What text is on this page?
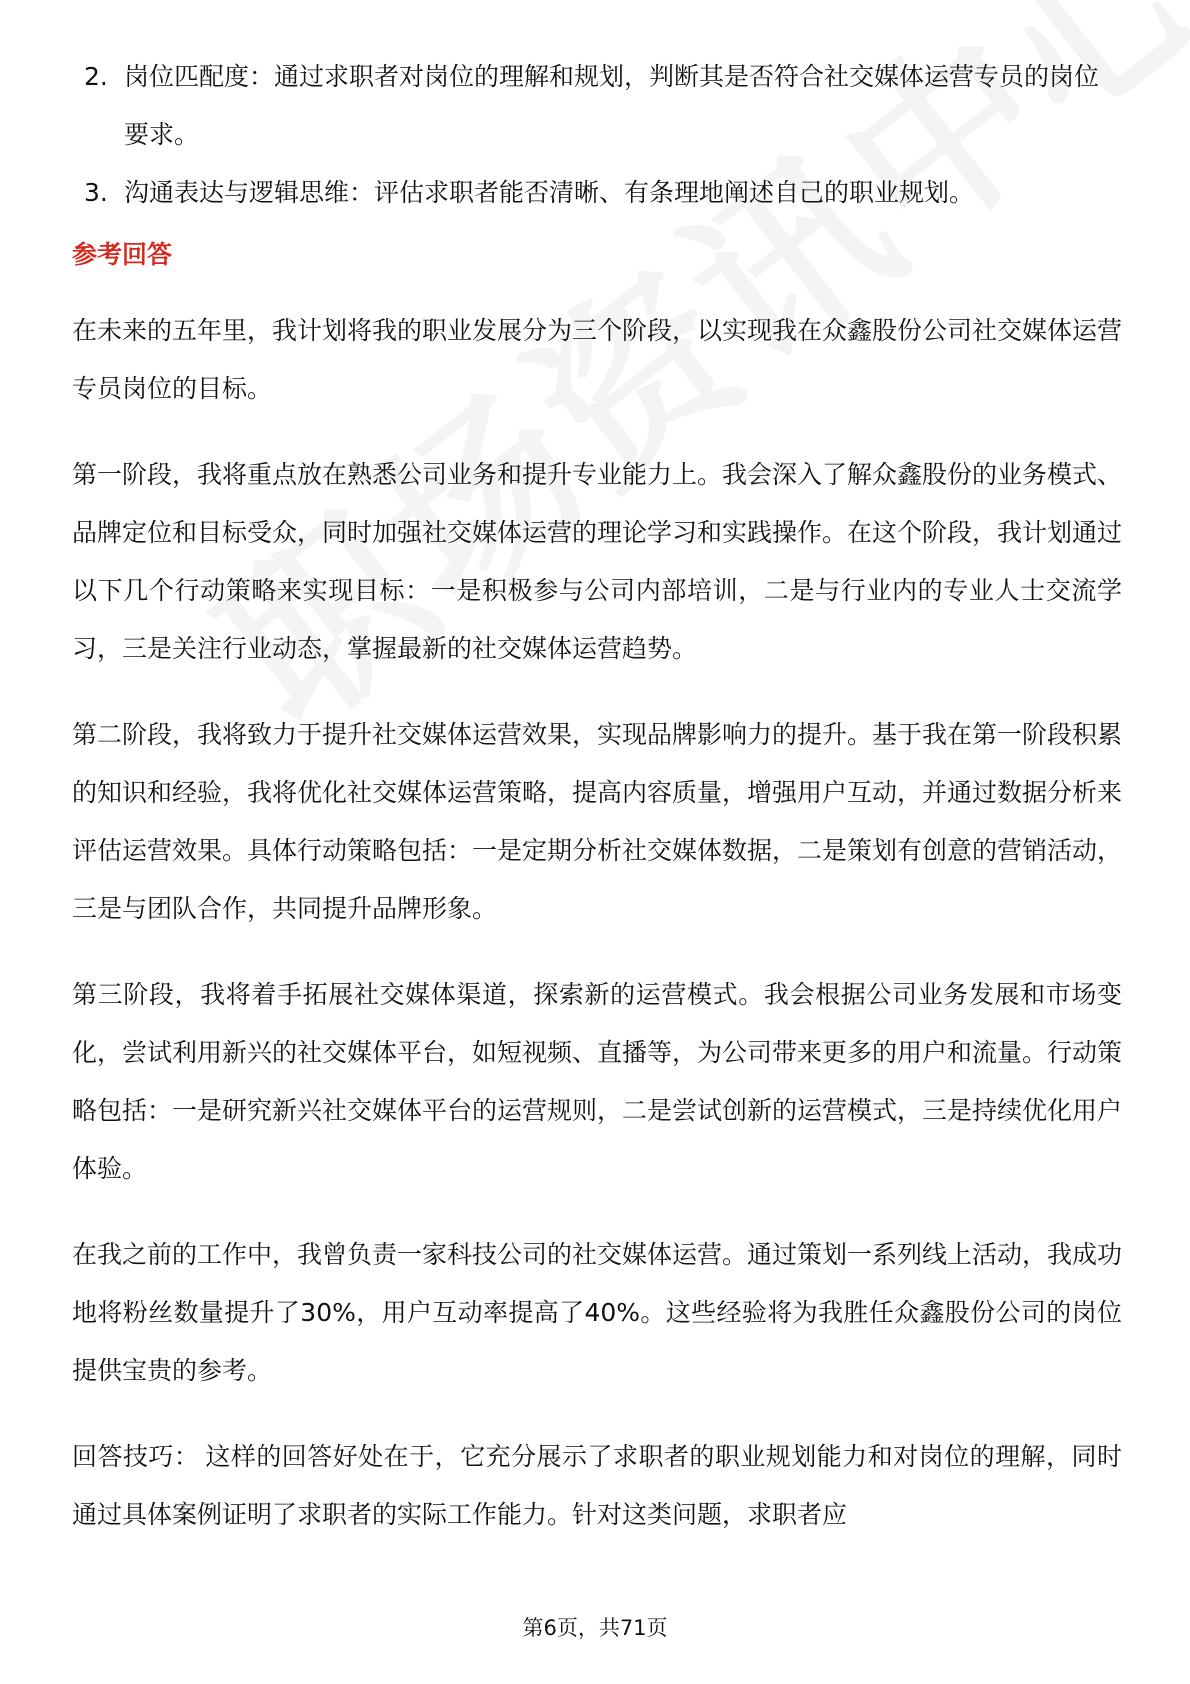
2. 岗位匹配度：通过求职者对岗位的理解和规划，判断其是否符合社交媒体运营专员的岗位要求。
3. 沟通表达与逻辑思维：评估求职者能否清晰、有条理地阐述自己的职业规划。
参考回答

在未来的五年里，我计划将我的职业发展分为三个阶段，以实现我在众鑫股份公司社交媒体运营专员岗位的目标。

第一阶段，我将重点放在熟悉公司业务和提升专业能力上。我会深入了解众鑫股份的业务模式、品牌定位和目标受众，同时加强社交媒体运营的理论学习和实践操作。在这个阶段，我计划通过以下几个行动策略来实现目标：一是积极参与公司内部培训，二是与行业内的专业人士交流学习，三是关注行业动态，掌握最新的社交媒体运营趋势。

第二阶段，我将致力于提升社交媒体运营效果，实现品牌影响力的提升。基于我在第一阶段积累的知识和经验，我将优化社交媒体运营策略，提高内容质量，增强用户互动，并通过数据分析来评估运营效果。具体行动策略包括：一是定期分析社交媒体数据，二是策划有创意的营销活动，三是与团队合作，共同提升品牌形象。

第三阶段，我将着手拓展社交媒体渠道，探索新的运营模式。我会根据公司业务发展和市场变化，尝试利用新兴的社交媒体平台，如短视频、直播等，为公司带来更多的用户和流量。行动策略包括：一是研究新兴社交媒体平台的运营规则，二是尝试创新的运营模式，三是持续优化用户体验。

在我之前的工作中，我曾负责一家科技公司的社交媒体运营。通过策划一系列线上活动，我成功地将粉丝数量提升了30%，用户互动率提高了40%。这些经验将为我胜任众鑫股份公司的岗位提供宝贵的参考。

回答技巧： 这样的回答好处在于，它充分展示了求职者的职业规划能力和对岗位的理解，同时通过具体案例证明了求职者的实际工作能力。针对这类问题，求职者应

第6页，共71页
